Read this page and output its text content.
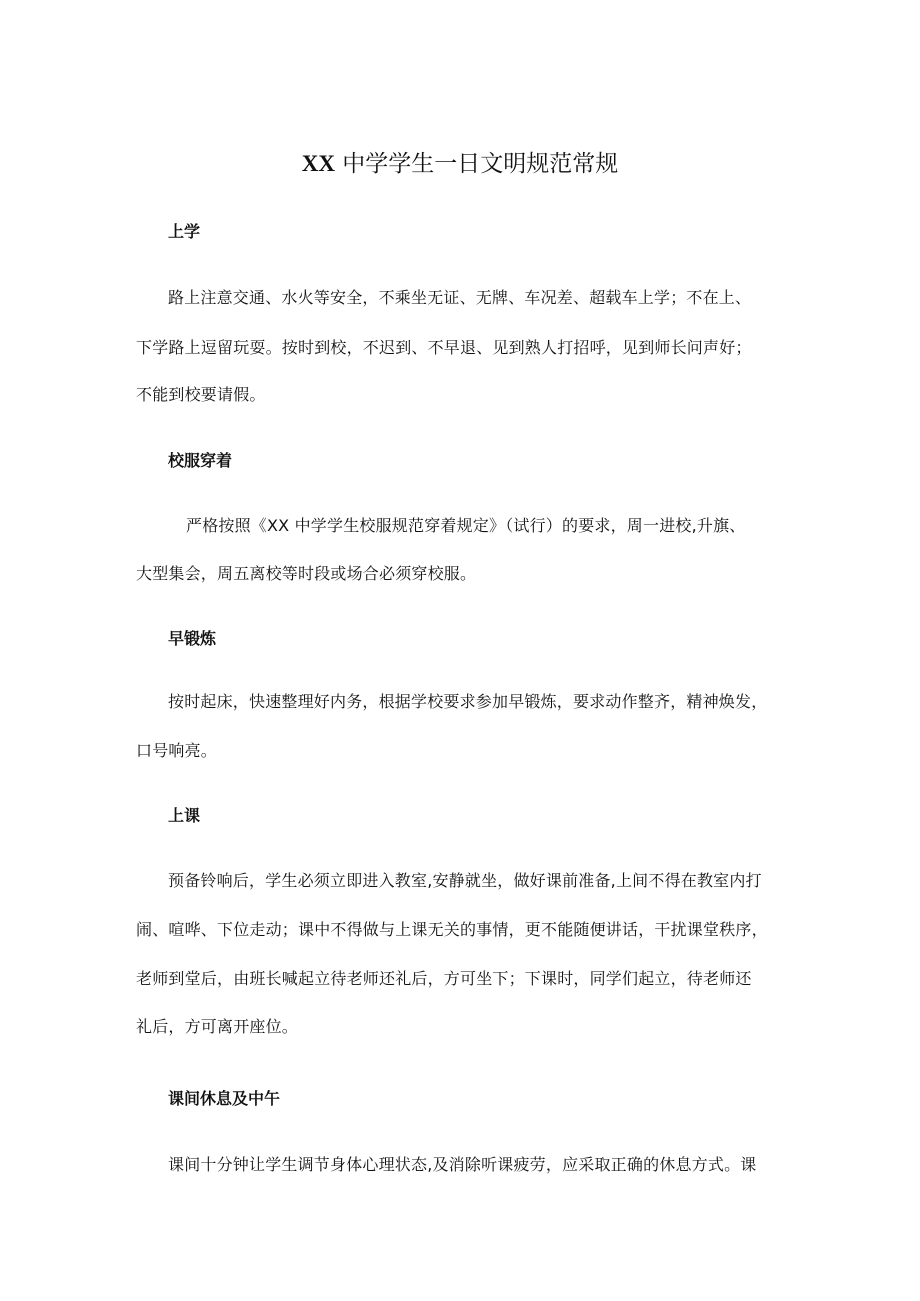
XX 中学学生一日文明规范常规
上学
路上注意交通、水火等安全，不乘坐无证、无牌、车况差、超载车上学；不在上、
下学路上逗留玩耍。按时到校，不迟到、不早退、见到熟人打招呼，见到师长问声好；
不能到校要请假。
校服穿着
严格按照《XX 中学学生校服规范穿着规定》（试行）的要求，周一进校,升旗、
大型集会，周五离校等时段或场合必须穿校服。
早锻炼
按时起床，快速整理好内务，根据学校要求参加早锻炼，要求动作整齐，精神焕发，
口号响亮。
上课
预备铃响后，学生必须立即进入教室,安静就坐，做好课前准备,上间不得在教室内打
闹、喧哗、下位走动；课中不得做与上课无关的事情，更不能随便讲话，干扰课堂秩序，
老师到堂后，由班长喊起立待老师还礼后，方可坐下；下课时，同学们起立，待老师还
礼后，方可离开座位。
课间休息及中午
课间十分钟让学生调节身体心理状态,及消除听课疲劳，应采取正确的休息方式。课
